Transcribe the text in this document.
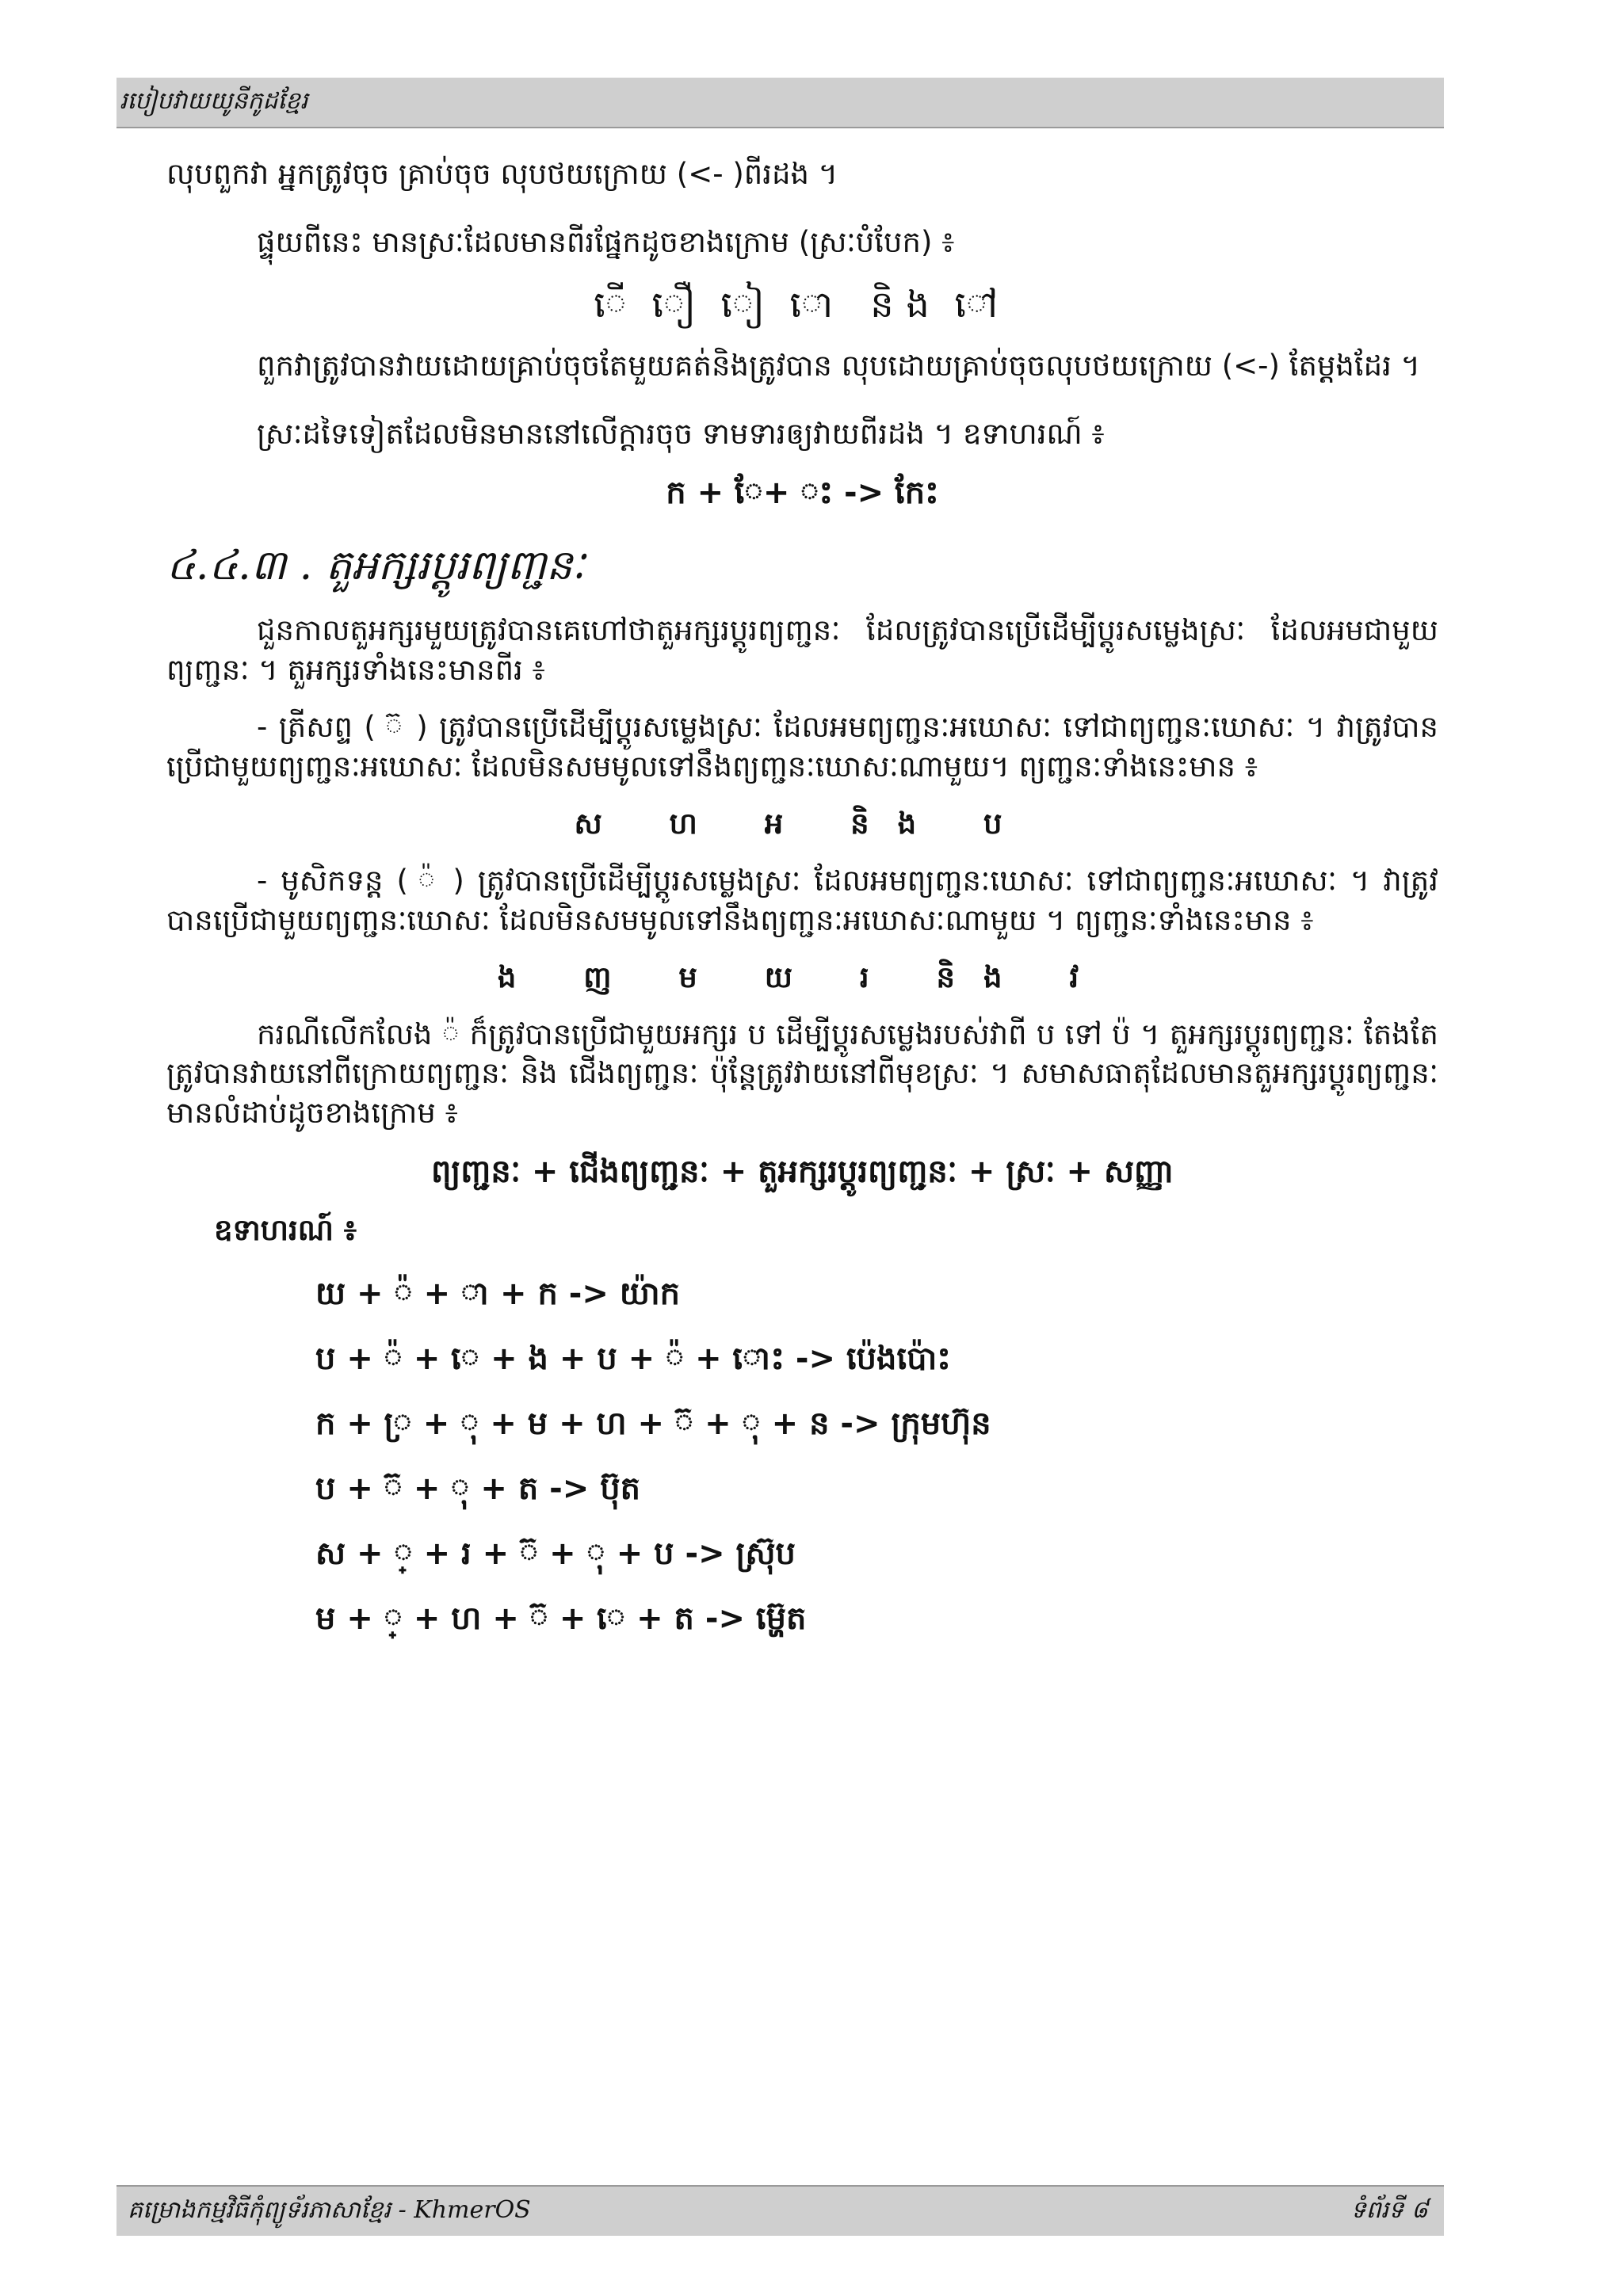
របៀបវាយយូនីកូដខ្មែរ

លុបពួកវា អ្នកត្រូវចុច គ្រាប់ចុច លុបថយក្រោយ (<- )ពីរដង ។

ផ្ទុយពីនេះ មានស្រៈដែលមានពីរផ្នែកដូចខាងក្រោម (ស្រៈបំបែក) ៖

ើ ឿ ៀ ោ និង ៅ

ពួកវាត្រូវបានវាយដោយគ្រាប់ចុចតែមួយគត់និងត្រូវបាន លុបដោយគ្រាប់ចុចលុបថយក្រោយ (<-) តែម្តងដែរ ។

ស្រៈដទៃទៀតដែលមិនមាននៅលើក្តារចុច ទាមទារឲ្យវាយពីរដង ។ ឧទាហរណ៍ ៖

ក + ែ+ ះ -> កែះ

៤.៤.៣ . តួអក្សរប្តូរព្យញ្ជនៈ

ជួនកាលតួអក្សរមួយត្រូវបានគេហៅថាតួអក្សរប្តូរព្យញ្ជនៈ ដែលត្រូវបានប្រើដើម្បីប្តូរសម្លេងស្រៈ ដែលអមជាមួយព្យញ្ជនៈ ។ តួអក្សរទាំងនេះមានពីរ ៖

- ត្រីសព្ទ ( ៊ ) ត្រូវបានប្រើដើម្បីប្តូរសម្លេងស្រៈ ដែលអមព្យញ្ជនៈអឃោសៈ ទៅជាព្យញ្ជនៈឃោសៈ ។ វាត្រូវបានប្រើជាមួយព្យញ្ជនៈអឃោសៈ ដែលមិនសមមូលទៅនឹងព្យញ្ជនៈឃោសៈណាមួយ។ ព្យញ្ជនៈទាំងនេះមាន ៖

ស ហ អ និង ប

- មូសិកទន្ត ( ៉ ) ត្រូវបានប្រើដើម្បីប្តូរសម្លេងស្រៈ ដែលអមព្យញ្ជនៈឃោសៈ ទៅជាព្យញ្ជនៈអឃោសៈ ។ វាត្រូវបានប្រើជាមួយព្យញ្ជនៈឃោសៈ ដែលមិនសមមូលទៅនឹងព្យញ្ជនៈអឃោសៈណាមួយ ។ ព្យញ្ជនៈទាំងនេះមាន ៖

ង ញ ម យ រ និង វ

ករណីលើកលែង ៉ ក៏ត្រូវបានប្រើជាមួយអក្សរ ប ដើម្បីប្តូរសម្លេងរបស់វាពី ប ទៅ ប៉ ។ តួអក្សរប្តូរព្យញ្ជនៈ តែងតែត្រូវបានវាយនៅពីក្រោយព្យញ្ជនៈ និង ជើងព្យញ្ជនៈ ប៉ុន្តែត្រូវវាយនៅពីមុខស្រៈ ។ សមាសធាតុដែលមានតួអក្សរប្តូរព្យញ្ជនៈ មានលំដាប់ដូចខាងក្រោម ៖

ព្យញ្ជនៈ + ជើងព្យញ្ជនៈ + តួអក្សរប្តូរព្យញ្ជនៈ + ស្រៈ + សញ្ញា

ឧទាហរណ៍ ៖

យ + ៉ + ា + ក -> យ៉ាក

ប + ៉ + េ + ង + ប + ៉ + ោះ -> ប៉េងប៉ោះ

ក + ្រ + ុ + ម + ហ + ៊ + ុ + ន -> ក្រុមហ៊ុន

ប + ៊ + ុ + ត -> ប៊ុត

ស + ្ + រ + ៊ + ុ + ប -> ស្រ៊ុប

ម + ្ + ហ + ៊ + េ + ត -> ម្ហ៊េត

គម្រោងកម្មវិធីកុំព្យូទ័រភាសាខ្មែរ - KhmerOS	ទំព័រទី ៨
